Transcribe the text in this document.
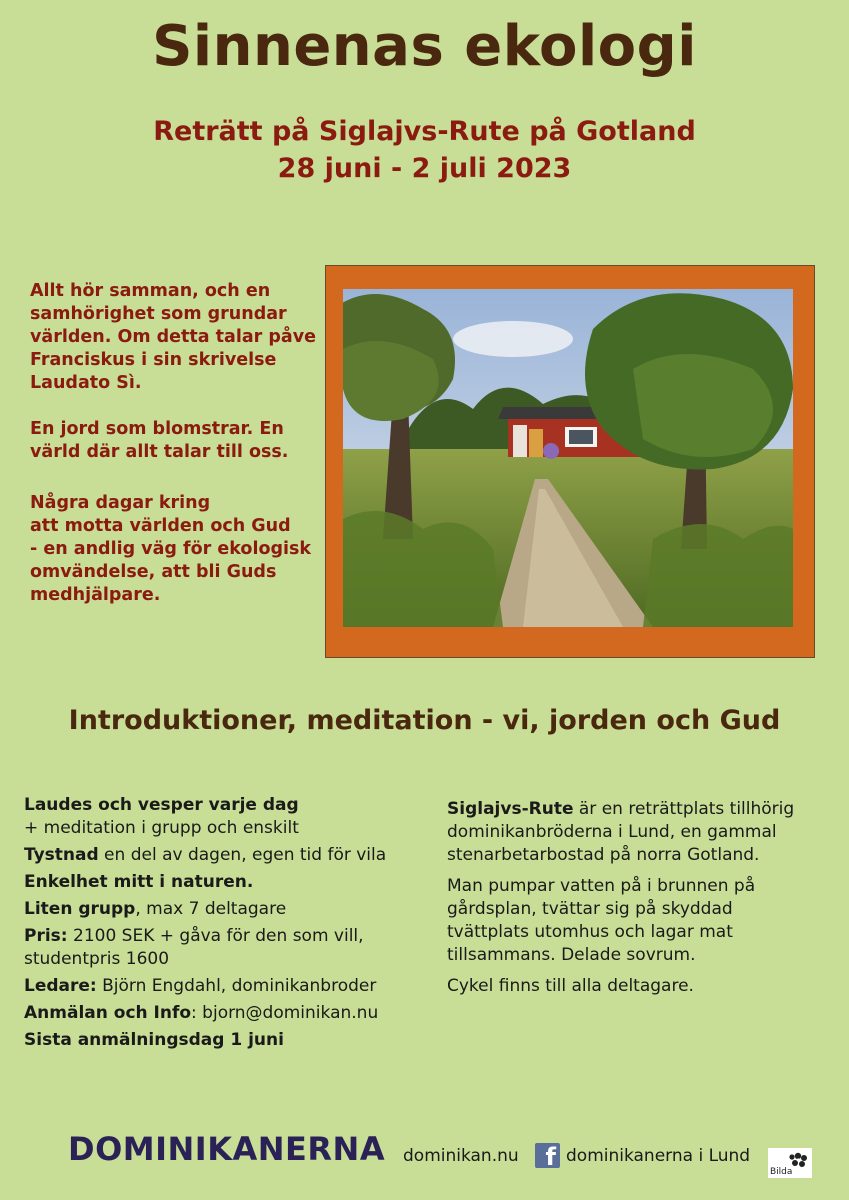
Sinnenas ekologi
Reträtt på Siglajvs-Rute på Gotland
28 juni - 2 juli 2023

Allt hör samman, och en
samhörighet som grundar
världen. Om detta talar påve
Franciskus i sin skrivelse
Laudato Sì.

En jord som blomstrar. En
värld där allt talar till oss.

Några dagar kring
att motta världen och Gud
- en andlig väg för ekologisk
omvändelse, att bli Guds
medhjälpare.

Introduktioner, meditation - vi, jorden och Gud
Laudes och vesper varje dag
+ meditation i grupp och enskilt
Tystnad en del av dagen, egen tid för vila
Enkelhet mitt i naturen.
Liten grupp, max 7 deltagare
Pris: 2100 SEK + gåva för den som vill,
studentpris 1600
Ledare: Björn Engdahl, dominikanbroder
Anmälan och Info: bjorn@dominikan.nu
Sista anmälningsdag 1 juni

Siglajvs-Rute är en reträttplats tillhörig
dominikanbröderna i Lund, en gammal
stenarbetarbostad på norra Gotland.

Man pumpar vatten på i brunnen på
gårdsplan, tvättar sig på skyddad
tvättplats utomhus och lagar mat
tillsammans. Delade sovrum.

Cykel finns till alla deltagare.

DOMINIKANERNA dominikan.nu f dominikanerna i Lund
Bilda
